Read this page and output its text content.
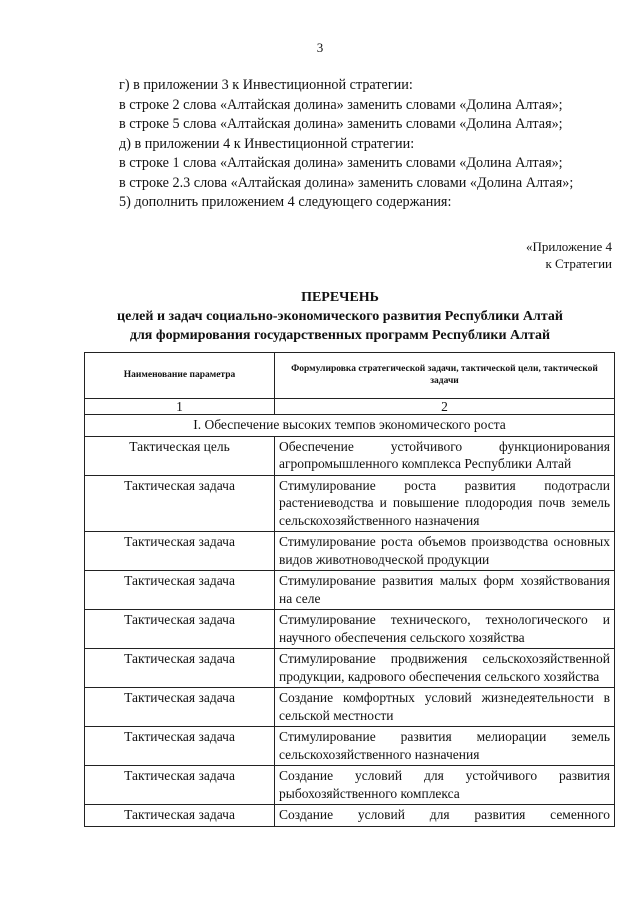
3

г) в приложении 3 к Инвестиционной стратегии:

в строке 2 слова «Алтайская долина» заменить словами «Долина Алтая»;

в строке 5 слова «Алтайская долина» заменить словами «Долина Алтая»;

д) в приложении 4 к Инвестиционной стратегии:

в строке 1 слова «Алтайская долина» заменить словами «Долина Алтая»;

в строке 2.3 слова «Алтайская долина» заменить словами «Долина Алтая»;

5) дополнить приложением 4 следующего содержания:

«Приложение 4
к Стратегии
ПЕРЕЧЕНЬ
целей и задач социально-экономического развития Республики Алтай
для формирования государственных программ Республики Алтай
Наименование параметра	Формулировка стратегической задачи, тактической цели, тактической задачи
1	2
I. Обеспечение высоких темпов экономического роста	
Тактическая цель	Обеспечение устойчивого функционирования агропромышленного комплекса Республики Алтай
Тактическая задача	Стимулирование роста развития подотрасли растениеводства и повышение плодородия почв земель сельскохозяйственного назначения
Тактическая задача	Стимулирование роста объемов производства основных видов животноводческой продукции
Тактическая задача	Стимулирование развития малых форм хозяйствования на селе
Тактическая задача	Стимулирование технического, технологического и научного обеспечения сельского хозяйства
Тактическая задача	Стимулирование продвижения сельскохозяйственной продукции, кадрового обеспечения сельского хозяйства
Тактическая задача	Создание комфортных условий жизнедеятельности в сельской местности
Тактическая задача	Стимулирование развития мелиорации земель сельскохозяйственного назначения
Тактическая задача	Создание условий для устойчивого развития рыбохозяйственного комплекса
Тактическая задача	Создание условий для развития семенного
